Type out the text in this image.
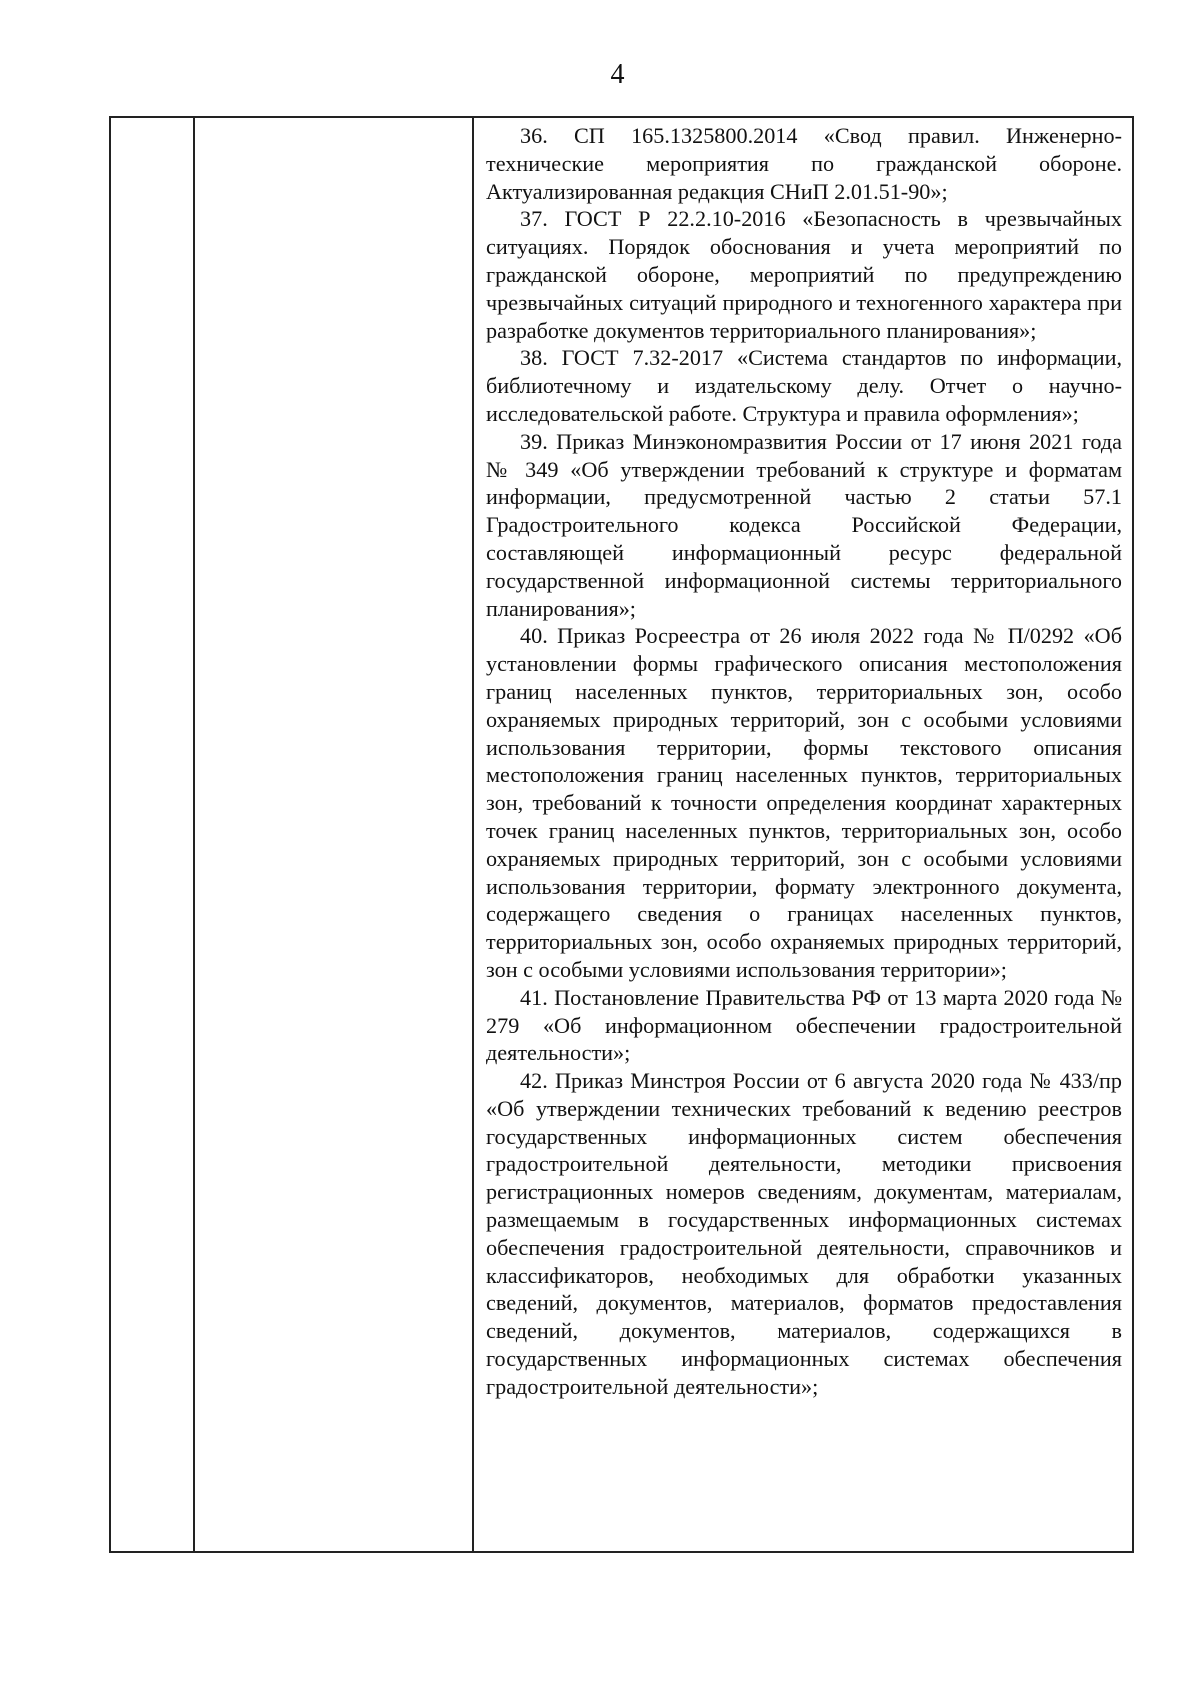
4

36. СП 165.1325800.2014 «Свод правил. Инженерно-технические мероприятия по гражданской обороне. Актуализированная редакция СНиП 2.01.51-90»;

37. ГОСТ Р 22.2.10-2016 «Безопасность в чрезвычайных ситуациях. Порядок обоснования и учета мероприятий по гражданской обороне, мероприятий по предупреждению чрезвычайных ситуаций природного и техногенного характера при разработке документов территориального планирования»;

38. ГОСТ 7.32-2017 «Система стандартов по информации, библиотечному и издательскому делу. Отчет о научно-исследовательской работе. Структура и правила оформления»;

39. Приказ Минэкономразвития России от 17 июня 2021 года № 349 «Об утверждении требований к структуре и форматам информации, предусмотренной частью 2 статьи 57.1 Градостроительного кодекса Российской Федерации, составляющей информационный ресурс федеральной государственной информационной системы территориального планирования»;

40. Приказ Росреестра от 26 июля 2022 года № П/0292 «Об установлении формы графического описания местоположения границ населенных пунктов, территориальных зон, особо охраняемых природных территорий, зон с особыми условиями использования территории, формы текстового описания местоположения границ населенных пунктов, территориальных зон, требований к точности определения координат характерных точек границ населенных пунктов, территориальных зон, особо охраняемых природных территорий, зон с особыми условиями использования территории, формату электронного документа, содержащего сведения о границах населенных пунктов, территориальных зон, особо охраняемых природных территорий, зон с особыми условиями использования территории»;

41. Постановление Правительства РФ от 13 марта 2020 года № 279 «Об информационном обеспечении градостроительной деятельности»;

42. Приказ Минстроя России от 6 августа 2020 года № 433/пр «Об утверждении технических требований к ведению реестров государственных информационных систем обеспечения градостроительной деятельности, методики присвоения регистрационных номеров сведениям, документам, материалам, размещаемым в государственных информационных системах обеспечения градостроительной деятельности, справочников и классификаторов, необходимых для обработки указанных сведений, документов, материалов, форматов предоставления сведений, документов, материалов, содержащихся в государственных информационных системах обеспечения градостроительной деятельности»;
